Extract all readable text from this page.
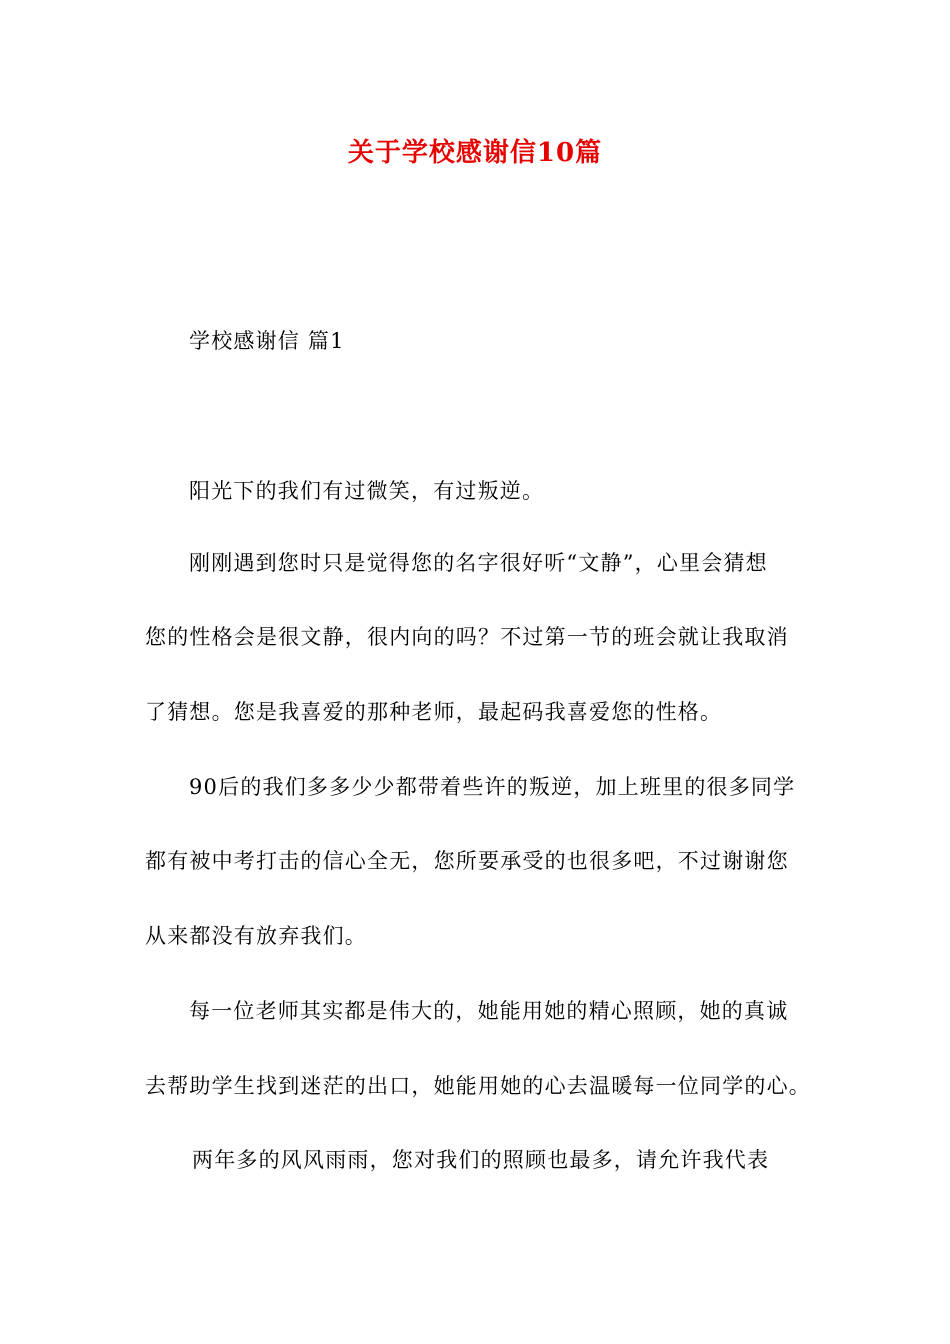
关于学校感谢信10篇
学校感谢信 篇1
阳光下的我们有过微笑，有过叛逆。
刚刚遇到您时只是觉得您的名字很好听“文静”，心里会猜想
您的性格会是很文静，很内向的吗？不过第一节的班会就让我取消
了猜想。您是我喜爱的那种老师，最起码我喜爱您的性格。
90后的我们多多少少都带着些许的叛逆，加上班里的很多同学
都有被中考打击的信心全无，您所要承受的也很多吧，不过谢谢您
从来都没有放弃我们。
每一位老师其实都是伟大的，她能用她的精心照顾，她的真诚
去帮助学生找到迷茫的出口，她能用她的心去温暖每一位同学的心。
两年多的风风雨雨，您对我们的照顾也最多，请允许我代表
